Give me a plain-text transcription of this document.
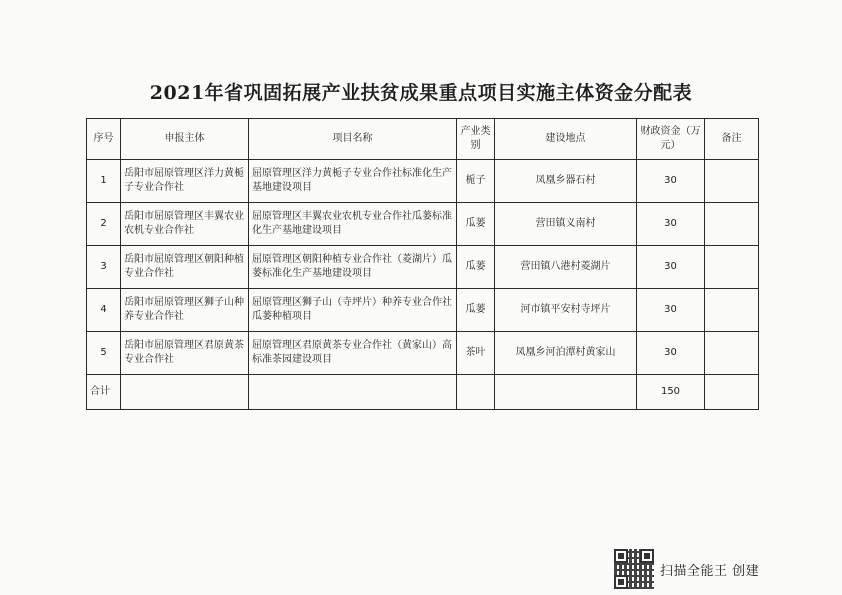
2021年省巩固拓展产业扶贫成果重点项目实施主体资金分配表
序号	申报主体	项目名称	产业类别	建设地点	财政资金（万元）	备注
1	岳阳市屈原管理区洋力黄栀子专业合作社	屈原管理区洋力黄栀子专业合作社标准化生产基地建设项目	栀子	凤凰乡器石村	30	
2	岳阳市屈原管理区丰翼农业农机专业合作社	屈原管理区丰翼农业农机专业合作社瓜蒌标准化生产基地建设项目	瓜蒌	营田镇义南村	30	
3	岳阳市屈原管理区朝阳种植专业合作社	屈原管理区朝阳种植专业合作社（菱湖片）瓜蒌标准化生产基地建设项目	瓜蒌	营田镇八港村菱湖片	30	
4	岳阳市屈原管理区狮子山种养专业合作社	屈原管理区狮子山（寺坪片）种养专业合作社瓜蒌种植项目	瓜蒌	河市镇平安村寺坪片	30	
5	岳阳市屈原管理区君原黄茶专业合作社	屈原管理区君原黄茶专业合作社（黄家山）高标准茶园建设项目	茶叶	凤凰乡河泊潭村黄家山	30	
合计					150	
扫描全能王 创建
